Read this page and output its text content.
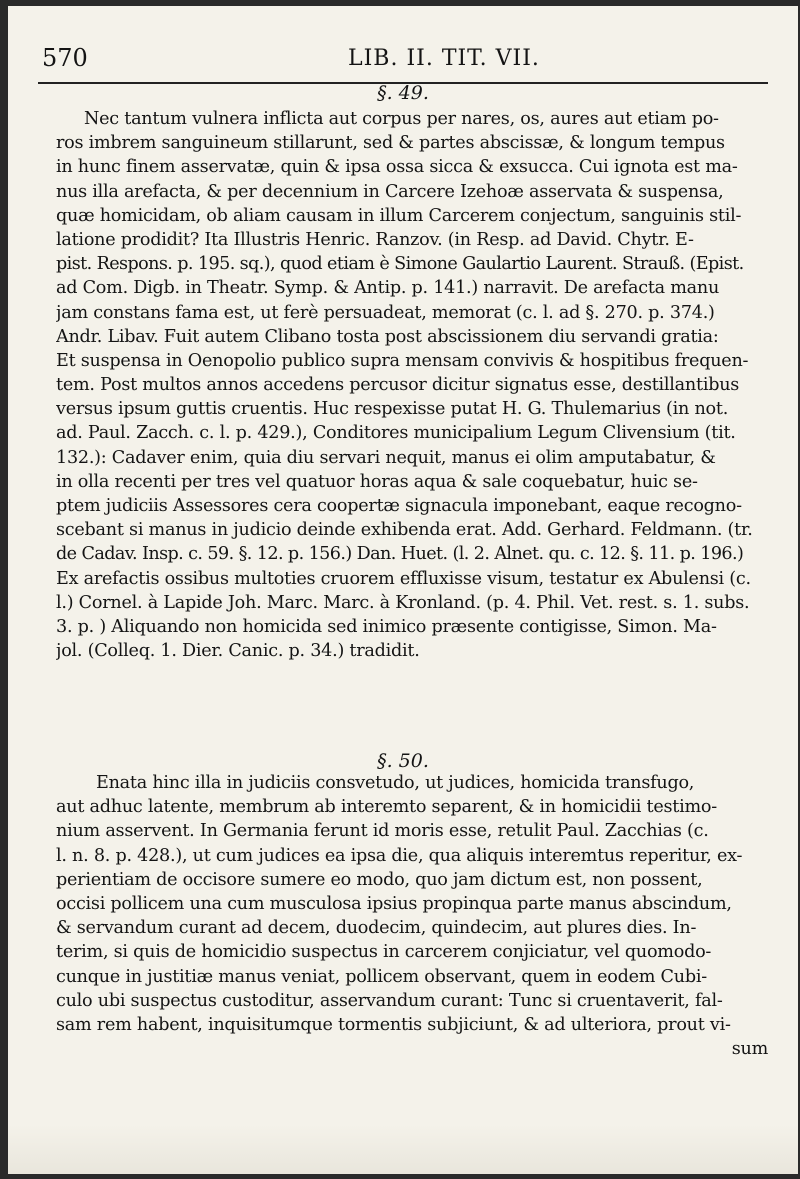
570	LIB. II. TIT. VII.
§. 49.
Nec tantum vulnera inflicta aut corpus per nares, os, aures aut etiam po-
ros imbrem sanguineum stillarunt, sed & partes abscissæ, & longum tempus
in hunc finem asservatæ, quin & ipsa ossa sicca & exsucca. Cui ignota est ma-
nus illa arefacta, & per decennium in Carcere Izehoæ asservata & suspensa,
quæ homicidam, ob aliam causam in illum Carcerem conjectum, sanguinis stil-
latione prodidit? Ita Illustris Henric. Ranzov. (in Resp. ad David. Chytr. E-
pist. Respons. p. 195. sq.), quod etiam è Simone Gaulartio Laurent. Strauß. (Epist.
ad Com. Digb. in Theatr. Symp. & Antip. p. 141.) narravit. De arefacta manu
jam constans fama est, ut ferè persuadeat, memorat (c. l. ad §. 270. p. 374.)
Andr. Libav. Fuit autem Clibano tosta post abscissionem diu servandi gratia:
Et suspensa in Oenopolio publico supra mensam convivis & hospitibus frequen-
tem. Post multos annos accedens percusor dicitur signatus esse, destillantibus
versus ipsum guttis cruentis. Huc respexisse putat H. G. Thulemarius (in not.
ad. Paul. Zacch. c. l. p. 429.), Conditores municipalium Legum Clivensium (tit.
132.): Cadaver enim, quia diu servari nequit, manus ei olim amputabatur, &
in olla recenti per tres vel quatuor horas aqua & sale coquebatur, huic se-
ptem judiciis Assessores cera coopertæ signacula imponebant, eaque recogno-
scebant si manus in judicio deinde exhibenda erat. Add. Gerhard. Feldmann. (tr.
de Cadav. Insp. c. 59. §. 12. p. 156.) Dan. Huet. (l. 2. Alnet. qu. c. 12. §. 11. p. 196.)
Ex arefactis ossibus multoties cruorem effluxisse visum, testatur ex Abulensi (c.
l.) Cornel. à Lapide Joh. Marc. Marc. à Kronland. (p. 4. Phil. Vet. rest. s. 1. subs.
3. p. ) Aliquando non homicida sed inimico præsente contigisse, Simon. Ma-
jol. (Colleq. 1. Dier. Canic. p. 34.) tradidit.
§. 50.
Enata hinc illa in judiciis consvetudo, ut judices, homicida transfugo,
aut adhuc latente, membrum ab interemto separent, & in homicidii testimo-
nium asservent. In Germania ferunt id moris esse, retulit Paul. Zacchias (c.
l. n. 8. p. 428.), ut cum judices ea ipsa die, qua aliquis interemtus reperitur, ex-
perientiam de occisore sumere eo modo, quo jam dictum est, non possent,
occisi pollicem una cum musculosa ipsius propinqua parte manus abscindum,
& servandum curant ad decem, duodecim, quindecim, aut plures dies. In-
terim, si quis de homicidio suspectus in carcerem conjiciatur, vel quomodo-
cunque in justitiæ manus veniat, pollicem observant, quem in eodem Cubi-
culo ubi suspectus custoditur, asservandum curant: Tunc si cruentaverit, fal-
sam rem habent, inquisitumque tormentis subjiciunt, & ad ulteriora, prout vi-
sum
